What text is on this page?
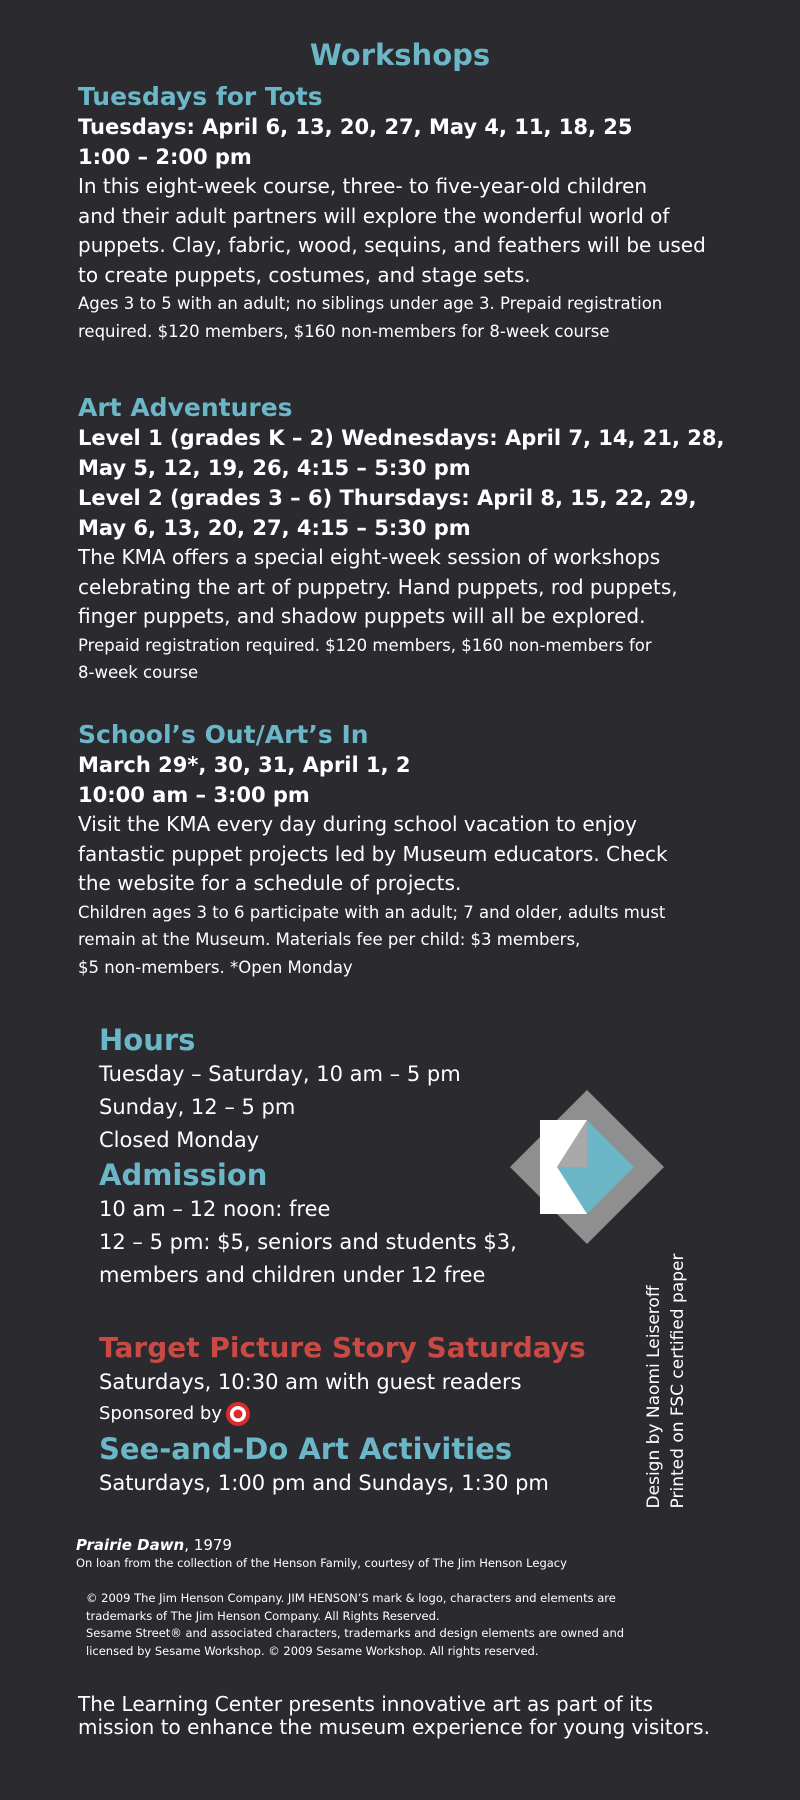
Workshops

Tuesdays for Tots

Tuesdays: April 6, 13, 20, 27, May 4, 11, 18, 25

1:00 – 2:00 pm

In this eight-week course, three- to five-year-old children

and their adult partners will explore the wonderful world of

puppets. Clay, fabric, wood, sequins, and feathers will be used

to create puppets, costumes, and stage sets.

Ages 3 to 5 with an adult; no siblings under age 3. Prepaid registration

required. $120 members, $160 non-members for 8-week course

Art Adventures

Level 1 (grades K – 2) Wednesdays: April 7, 14, 21, 28,

May 5, 12, 19, 26, 4:15 – 5:30 pm

Level 2 (grades 3 – 6) Thursdays: April 8, 15, 22, 29,

May 6, 13, 20, 27, 4:15 – 5:30 pm

The KMA offers a special eight-week session of workshops

celebrating the art of puppetry. Hand puppets, rod puppets,

finger puppets, and shadow puppets will all be explored.

Prepaid registration required. $120 members, $160 non-members for

8-week course

School’s Out/Art’s In

March 29*, 30, 31, April 1, 2

10:00 am – 3:00 pm

Visit the KMA every day during school vacation to enjoy

fantastic puppet projects led by Museum educators. Check

the website for a schedule of projects.

Children ages 3 to 6 participate with an adult; 7 and older, adults must

remain at the Museum. Materials fee per child: $3 members,

$5 non-members. *Open Monday

Hours

Tuesday – Saturday, 10 am – 5 pm

Sunday, 12 – 5 pm

Closed Monday

Admission

10 am – 12 noon: free

12 – 5 pm: $5, seniors and students $3,

members and children under 12 free

Target Picture Story Saturdays

Saturdays, 10:30 am with guest readers

Sponsored by

See-and-Do Art Activities

Saturdays, 1:00 pm and Sundays, 1:30 pm	Design by Naomi Leiseroff Printed on FSC certified paper

Prairie Dawn, 1979

On loan from the collection of the Henson Family, courtesy of The Jim Henson Legacy

© 2009 The Jim Henson Company. JIM HENSON’S mark & logo, characters and elements are

trademarks of The Jim Henson Company. All Rights Reserved.

Sesame Street® and associated characters, trademarks and design elements are owned and

licensed by Sesame Workshop. © 2009 Sesame Workshop. All rights reserved.

The Learning Center presents innovative art as part of its
mission to enhance the museum experience for young visitors.
